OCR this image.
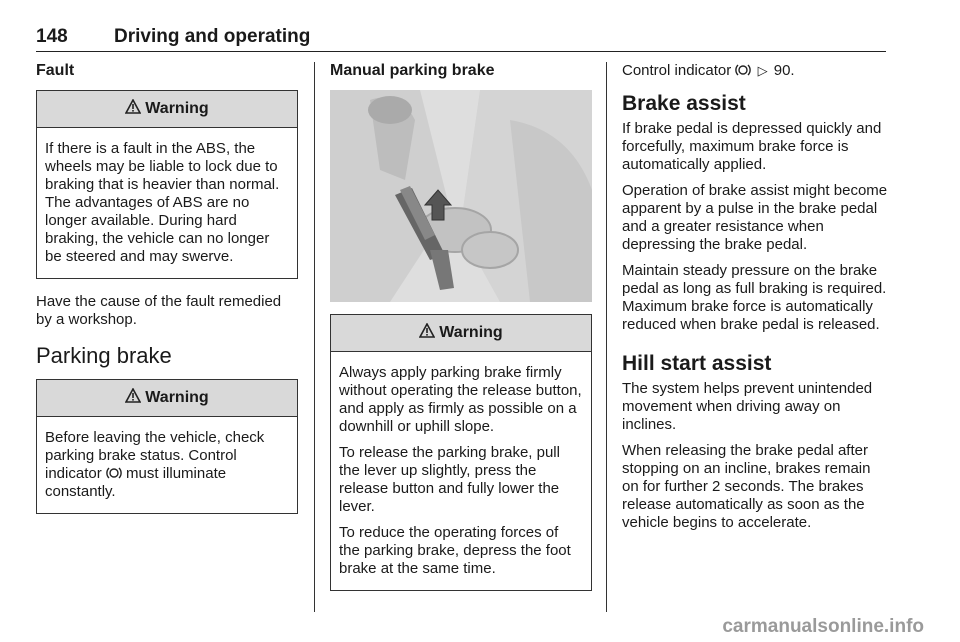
148 Driving and operating
Fault
Warning

If there is a fault in the ABS, the wheels may be liable to lock due to braking that is heavier than normal. The advantages of ABS are no longer available. During hard braking, the vehicle can no longer be steered and may swerve.

Have the cause of the fault remedied by a workshop.

Parking brake
Warning

Before leaving the vehicle, check parking brake status. Control indicator must illuminate constantly.

Manual parking brake
Warning

Always apply parking brake firmly without operating the release button, and apply as firmly as possible on a downhill or uphill slope.

To release the parking brake, pull the lever up slightly, press the release button and fully lower the lever.

To reduce the operating forces of the parking brake, depress the foot brake at the same time.

Control indicator ▷ 90.

Brake assist

If brake pedal is depressed quickly and forcefully, maximum brake force is automatically applied.

Operation of brake assist might become apparent by a pulse in the brake pedal and a greater resistance when depressing the brake pedal.

Maintain steady pressure on the brake pedal as long as full braking is required. Maximum brake force is automatically reduced when brake pedal is released.

Hill start assist

The system helps prevent unintended movement when driving away on inclines.

When releasing the brake pedal after stopping on an incline, brakes remain on for further 2 seconds. The brakes release automatically as soon as the vehicle begins to accelerate.

carmanualsonline.info
